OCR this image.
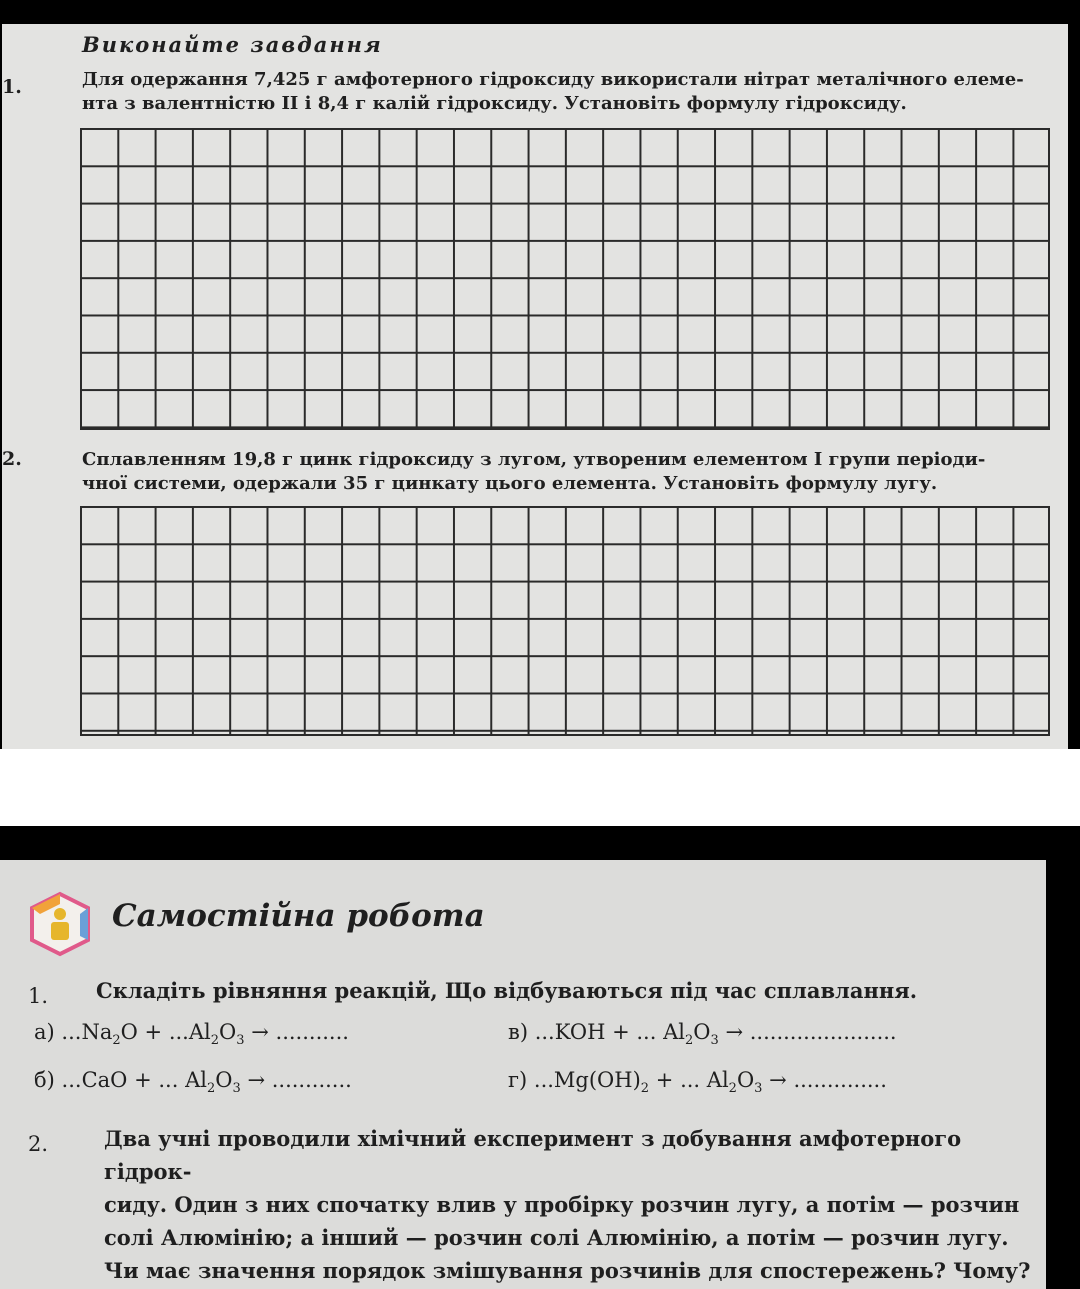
Виконайте завдання
1.	Для одержання 7,425 г амфотерного гідроксиду використали нітрат металічного елеме-
нта з валентністю II і 8,4 г калій гідроксиду. Установіть формулу гідроксиду.
2.	Сплавленням 19,8 г цинк гідроксиду з лугом, утвореним елементом I групи періоди-
чної системи, одержали 35 г цинкату цього елемента. Установіть формулу лугу.
Самостійна робота
1. Складіть рівняння реакцій, Що відбуваються під час сплавлання.
а) $...Na_2O + ...Al_2O_3$ → ...........
б) ...CaO + ... $Al_2O_3$ → ............
в) ...KOH + ... $Al_2O_3$ → ......................
г) $...Mg(OH)_2$ + ... $Al_2O_3$ → ..............
2.	Два учні проводили хімічний експеримент з добування амфотерного гідрок-
сиду. Один з них спочатку влив у пробірку розчин лугу, а потім — розчин
солі Алюмінію; а інший — розчин солі Алюмінію, а потім — розчин лугу.
Чи має значення порядок змішування розчинів для спостережень? Чому?
